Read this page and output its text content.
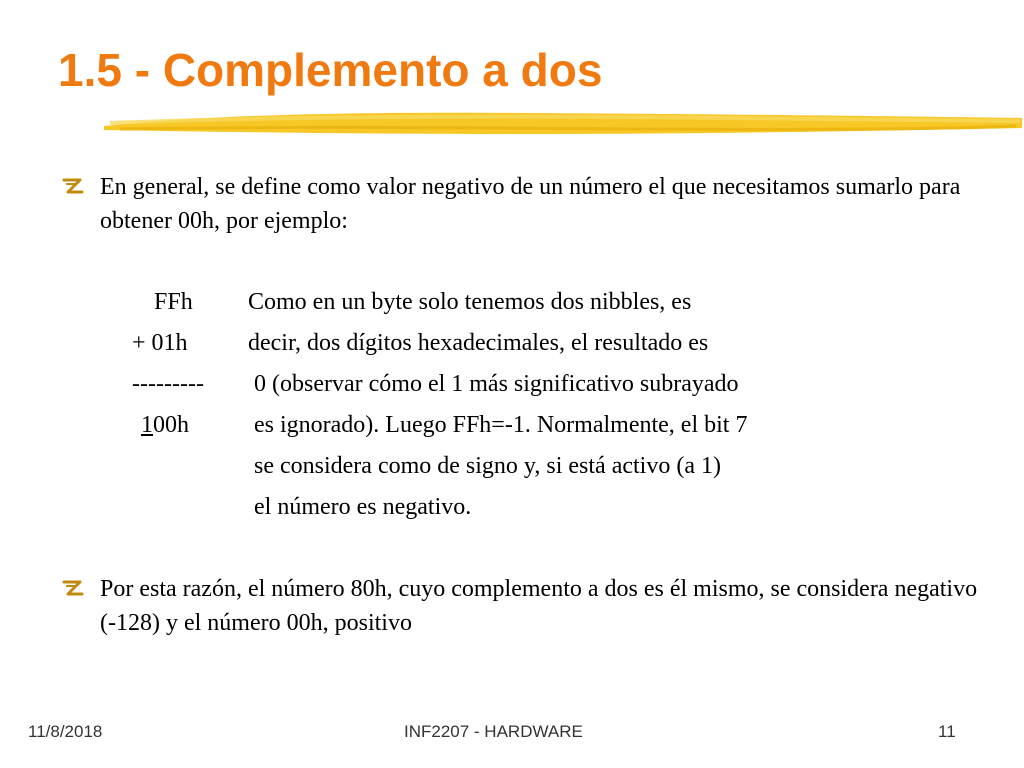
1.5 - Complemento a dos
En general, se define como valor negativo de un número el que necesitamos sumarlo para obtener 00h, por ejemplo:
FFh
+ 01h
---------
100h
Como en un byte solo tenemos dos nibbles, es
decir, dos dígitos hexadecimales, el resultado es
0 (observar cómo el 1 más significativo subrayado
es ignorado). Luego FFh=-1. Normalmente, el bit 7
se considera como de signo y, si está activo (a 1)
el número es negativo.
Por esta razón, el número 80h, cuyo complemento a dos es él mismo, se considera negativo (-128) y el número 00h, positivo
11/8/2018	INF2207 - HARDWARE	11
